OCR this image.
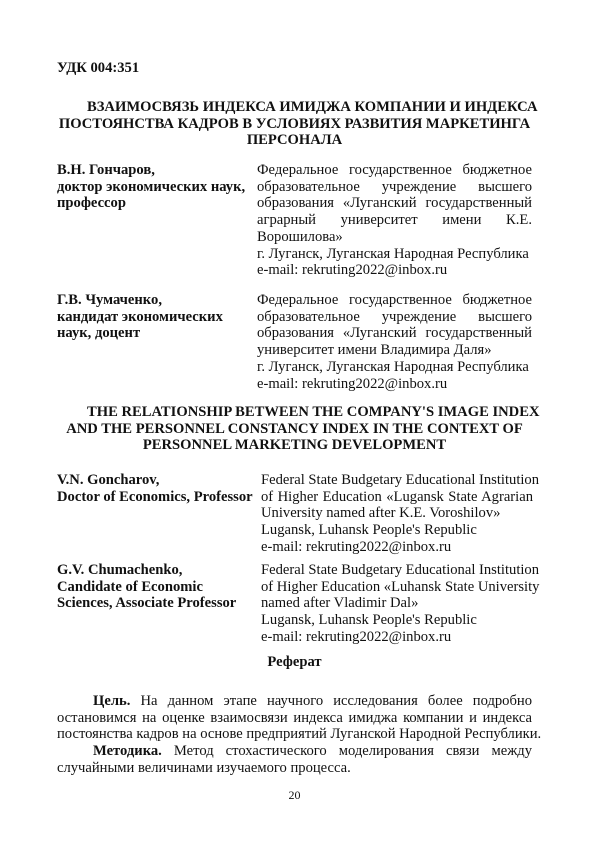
УДК 004:351
ВЗАИМОСВЯЗЬ ИНДЕКСА ИМИДЖА КОМПАНИИ И ИНДЕКСА
ПОСТОЯНСТВА КАДРОВ В УСЛОВИЯХ РАЗВИТИЯ МАРКЕТИНГА
ПЕРСОНАЛА
В.Н. Гончаров,
доктор экономических наук,
профессор
Федеральное государственное бюджетное
образовательное учреждение высшего
образования «Луганский государственный
аграрный университет имени К.Е.
Ворошилова»
г. Луганск, Луганская Народная Республика
e-mail: rekruting2022@inbox.ru
Г.В. Чумаченко,
кандидат экономических
наук, доцент
Федеральное государственное бюджетное
образовательное учреждение высшего
образования «Луганский государственный
университет имени Владимира Даля»
г. Луганск, Луганская Народная Республика
e-mail: rekruting2022@inbox.ru
THE RELATIONSHIP BETWEEN THE COMPANY'S IMAGE INDEX
AND THE PERSONNEL CONSTANCY INDEX IN THE CONTEXT OF
PERSONNEL MARKETING DEVELOPMENT
V.N. Goncharov,
Doctor of Economics, Professor
Federal State Budgetary Educational Institution
of Higher Education «Lugansk State Agrarian
University named after K.E. Voroshilov»
Lugansk, Luhansk People's Republic
e-mail: rekruting2022@inbox.ru
G.V. Chumachenko,
Candidate of Economic
Sciences, Associate Professor
Federal State Budgetary Educational Institution
of Higher Education «Luhansk State University
named after Vladimir Dal»
Lugansk, Luhansk People's Republic
e-mail: rekruting2022@inbox.ru
Реферат
Цель. На данном этапе научного исследования более подробно
остановимся на оценке взаимосвязи индекса имиджа компании и индекса
постоянства кадров на основе предприятий Луганской Народной Республики.
Методика. Метод стохастического моделирования связи между
случайными величинами изучаемого процесса.
20
